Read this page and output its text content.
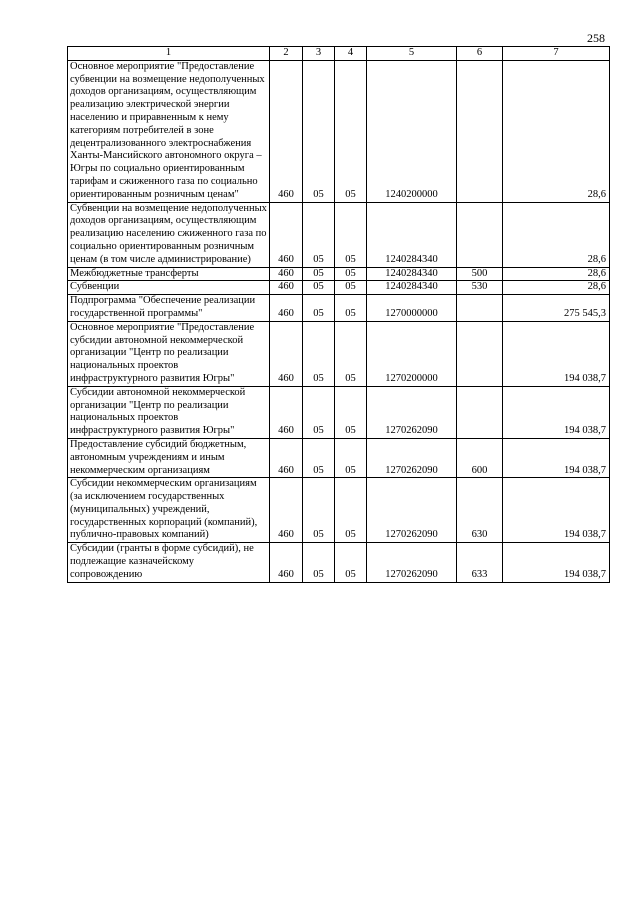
258
1	2	3	4	5	6	7
Основное мероприятие "Предоставление субвенции на возмещение недополученных доходов организациям, осуществляющим реализацию электрической энергии населению и приравненным к нему категориям потребителей в зоне децентрализованного электроснабжения Ханты-Мансийского автономного округа – Югры по социально ориентированным тарифам и сжиженного газа по социально ориентированным розничным ценам"	460	05	05	1240200000		28,6
Субвенции на возмещение недополученных доходов организациям, осуществляющим реализацию населению сжиженного газа по социально ориентированным розничным ценам (в том числе администрирование)	460	05	05	1240284340		28,6
Межбюджетные трансферты	460	05	05	1240284340	500	28,6
Субвенции	460	05	05	1240284340	530	28,6
Подпрограмма "Обеспечение реализации государственной программы"	460	05	05	1270000000		275 545,3
Основное мероприятие "Предоставление субсидии автономной некоммерческой организации "Центр по реализации национальных проектов инфраструктурного развития Югры"	460	05	05	1270200000		194 038,7
Субсидии автономной некоммерческой организации "Центр по реализации национальных проектов инфраструктурного развития Югры"	460	05	05	1270262090		194 038,7
Предоставление субсидий бюджетным, автономным учреждениям и иным некоммерческим организациям	460	05	05	1270262090	600	194 038,7
Субсидии некоммерческим организациям (за исключением государственных (муниципальных) учреждений, государственных корпораций (компаний), публично-правовых компаний)	460	05	05	1270262090	630	194 038,7
Субсидии (гранты в форме субсидий), не подлежащие казначейскому сопровождению	460	05	05	1270262090	633	194 038,7
